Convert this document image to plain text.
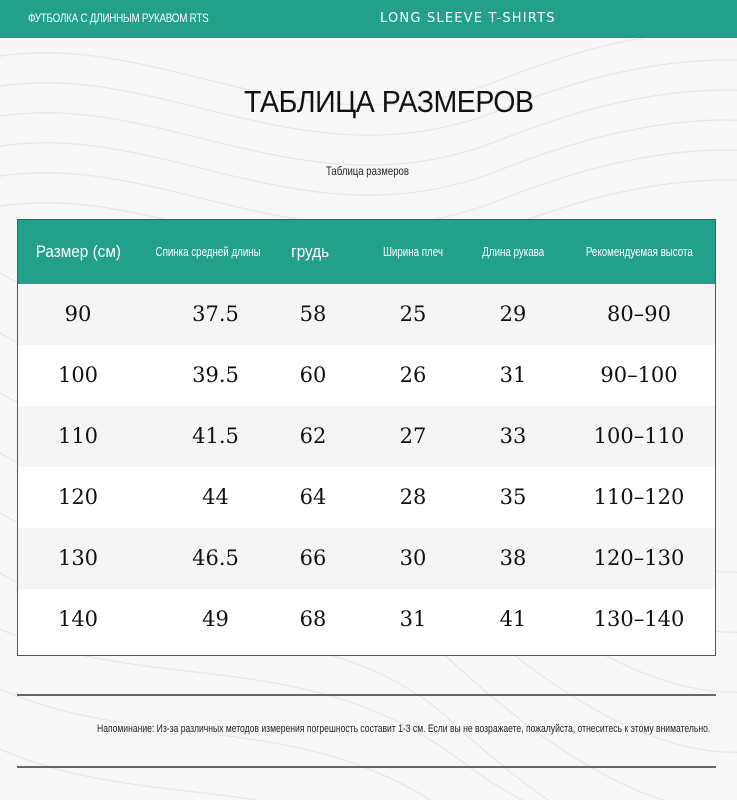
ФУТБОЛКА С ДЛИННЫМ РУКАВОМ RTS	LONG SLEEVE T-SHIRTS
ТАБЛИЦА РАЗМЕРОВ
Таблица размеров
Размер (см)	Спинка средней длины	грудь	Ширина плеч	Длина рукава	Рекомендуемая высота
90	37.5	58	25	29	80–90
100	39.5	60	26	31	90–100
110	41.5	62	27	33	100–110
120	44	64	28	35	110–120
130	46.5	66	30	38	120–130
140	49	68	31	41	130–140
Напоминание: Из-за различных методов измерения погрешность составит 1-3 см. Если вы не возражаете, пожалуйста, отнеситесь к этому внимательно.
